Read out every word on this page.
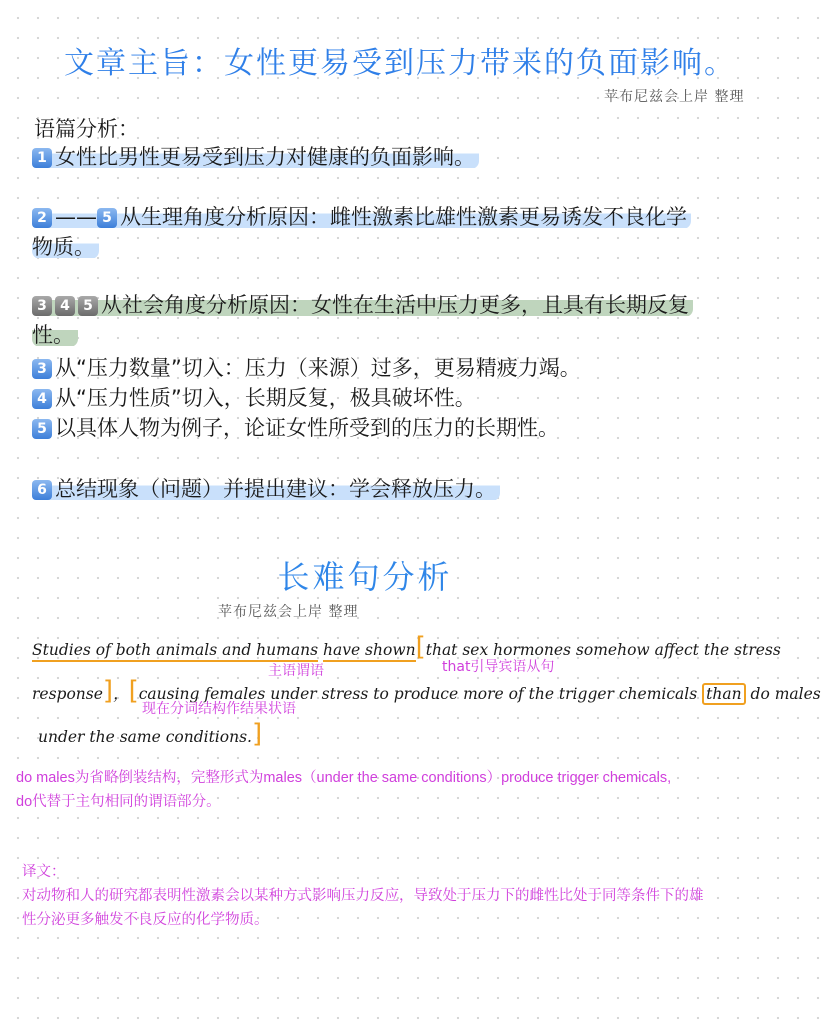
文章主旨：女性更易受到压力带来的负面影响。
苹布尼兹会上岸 整理
语篇分析：
1 女性比男性更易受到压力对健康的负面影响。
2 —— 5 从生理角度分析原因：雌性激素比雄性激素更易诱发不良化学
物质。
3 4 5 从社会角度分析原因：女性在生活中压力更多，且具有长期反复
性。
3 从“压力数量”切入：压力（来源）过多，更易精疲力竭。
4 从“压力性质”切入，长期反复，极具破坏性。
5 以具体人物为例子，论证女性所受到的压力的长期性。
6 总结现象（问题）并提出建议：学会释放压力。
长难句分析
苹布尼兹会上岸 整理
Studies of both animals and humans have shown[that sex hormones somehow affect the stress
主语谓语	that引导宾语从句
response]，[causing females under stress to produce more of the trigger chemicals than do males
现在分词结构作结果状语
under the same conditions.]
do males为省略倒装结构，完整形式为males（under the same conditions）produce trigger chemicals,
do代替于主句相同的谓语部分。
译文：
对动物和人的研究都表明性激素会以某种方式影响压力反应，导致处于压力下的雌性比处于同等条件下的雄
性分泌更多触发不良反应的化学物质。
